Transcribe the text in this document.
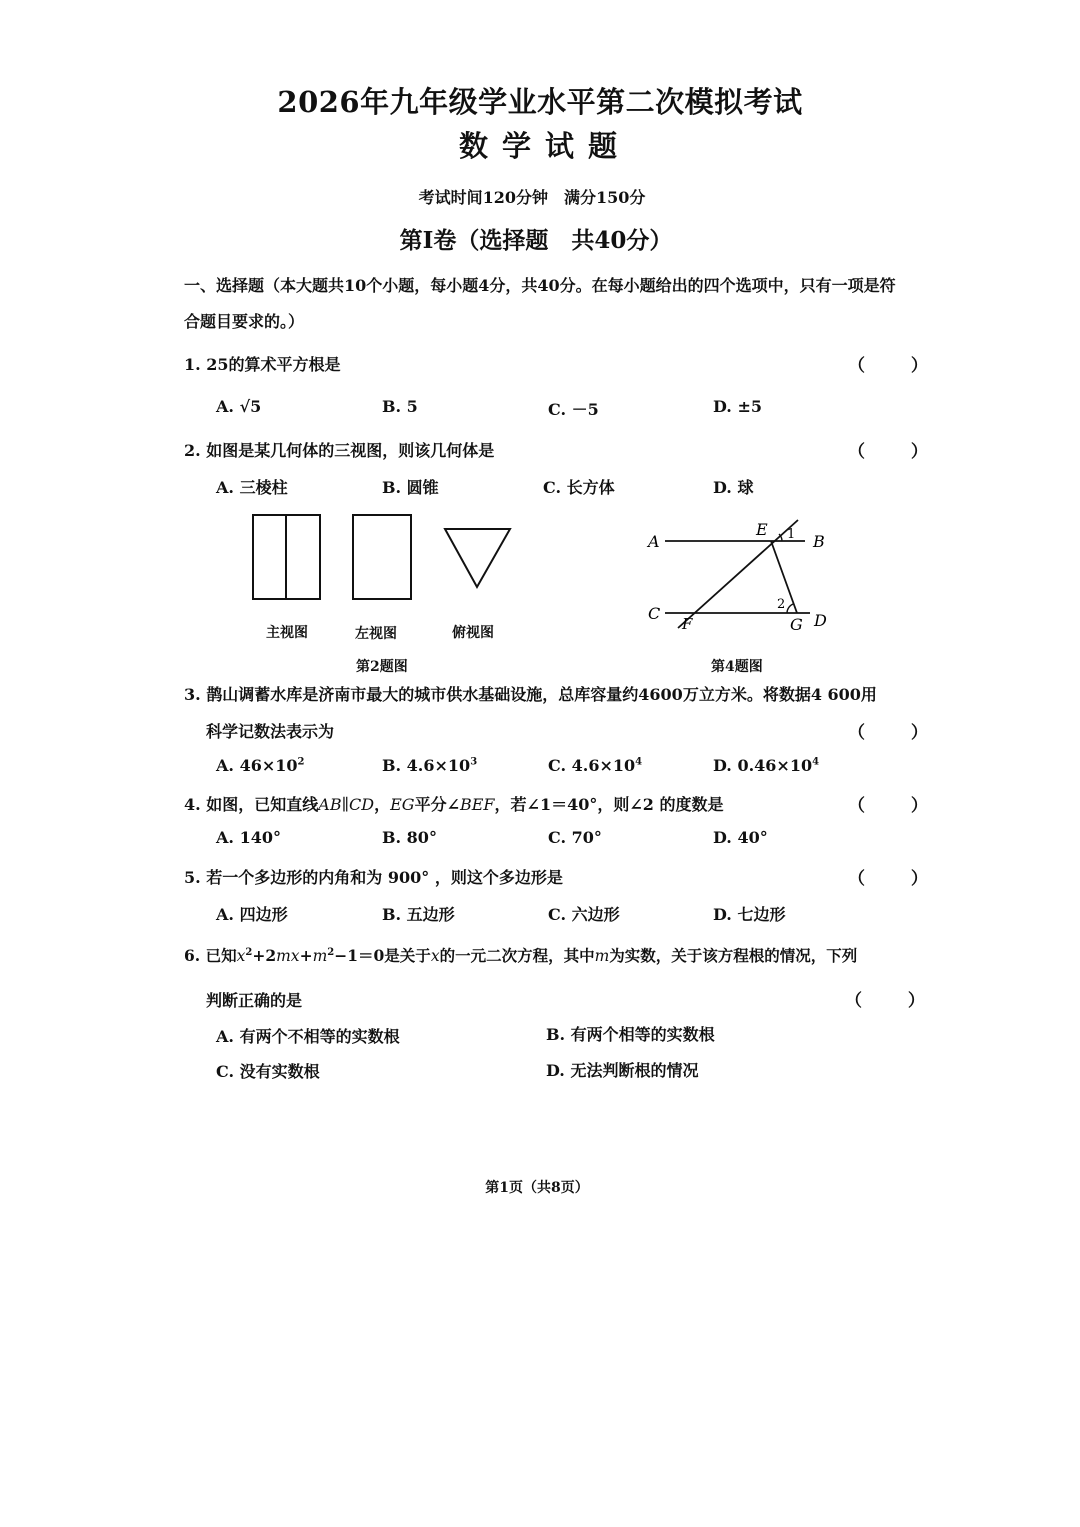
2026年九年级学业水平第二次模拟考试
数学试题
考试时间120分钟　满分150分
第I卷（选择题　共40分）
一、选择题（本大题共10个小题，每小题4分，共40分。在每小题给出的四个选项中，只有一项是符
合题目要求的。）
1. 25的算术平方根是	（ ）
A. √5	B. 5	C. －5	D. ±5
2. 如图是某几何体的三视图，则该几何体是	（ ）
A. 三棱柱	B. 圆锥	C. 长方体	D. 球
主视图	左视图	俯视图
第2题图
A	B
C	D
E
F	G
1
2
第4题图
3. 鹊山调蓄水库是济南市最大的城市供水基础设施，总库容量约4600万立方米。将数据4 600用
科学记数法表示为	（ ）
A. $46\times 10^2$	B. $4.6\times 10^3$	C. $4.6\times 10^4$	D. $0.46\times 10^4$
4. 如图，已知直线AB∥CD，EG平分∠BEF，若∠1＝40°，则∠2 的度数是	（ ）
A. 140°	B. 80°	C. 70°	D. 40°
5. 若一个多边形的内角和为 900° ，则这个多边形是	（ ）
A. 四边形	B. 五边形	C. 六边形	D. 七边形
6. 已知$x^2+2mx+m^2-1=0$是关于x的一元二次方程，其中m为实数，关于该方程根的情况，下列
判断正确的是	（ ）
A. 有两个不相等的实数根	B. 有两个相等的实数根
C. 没有实数根	D. 无法判断根的情况
第1页（共8页）
